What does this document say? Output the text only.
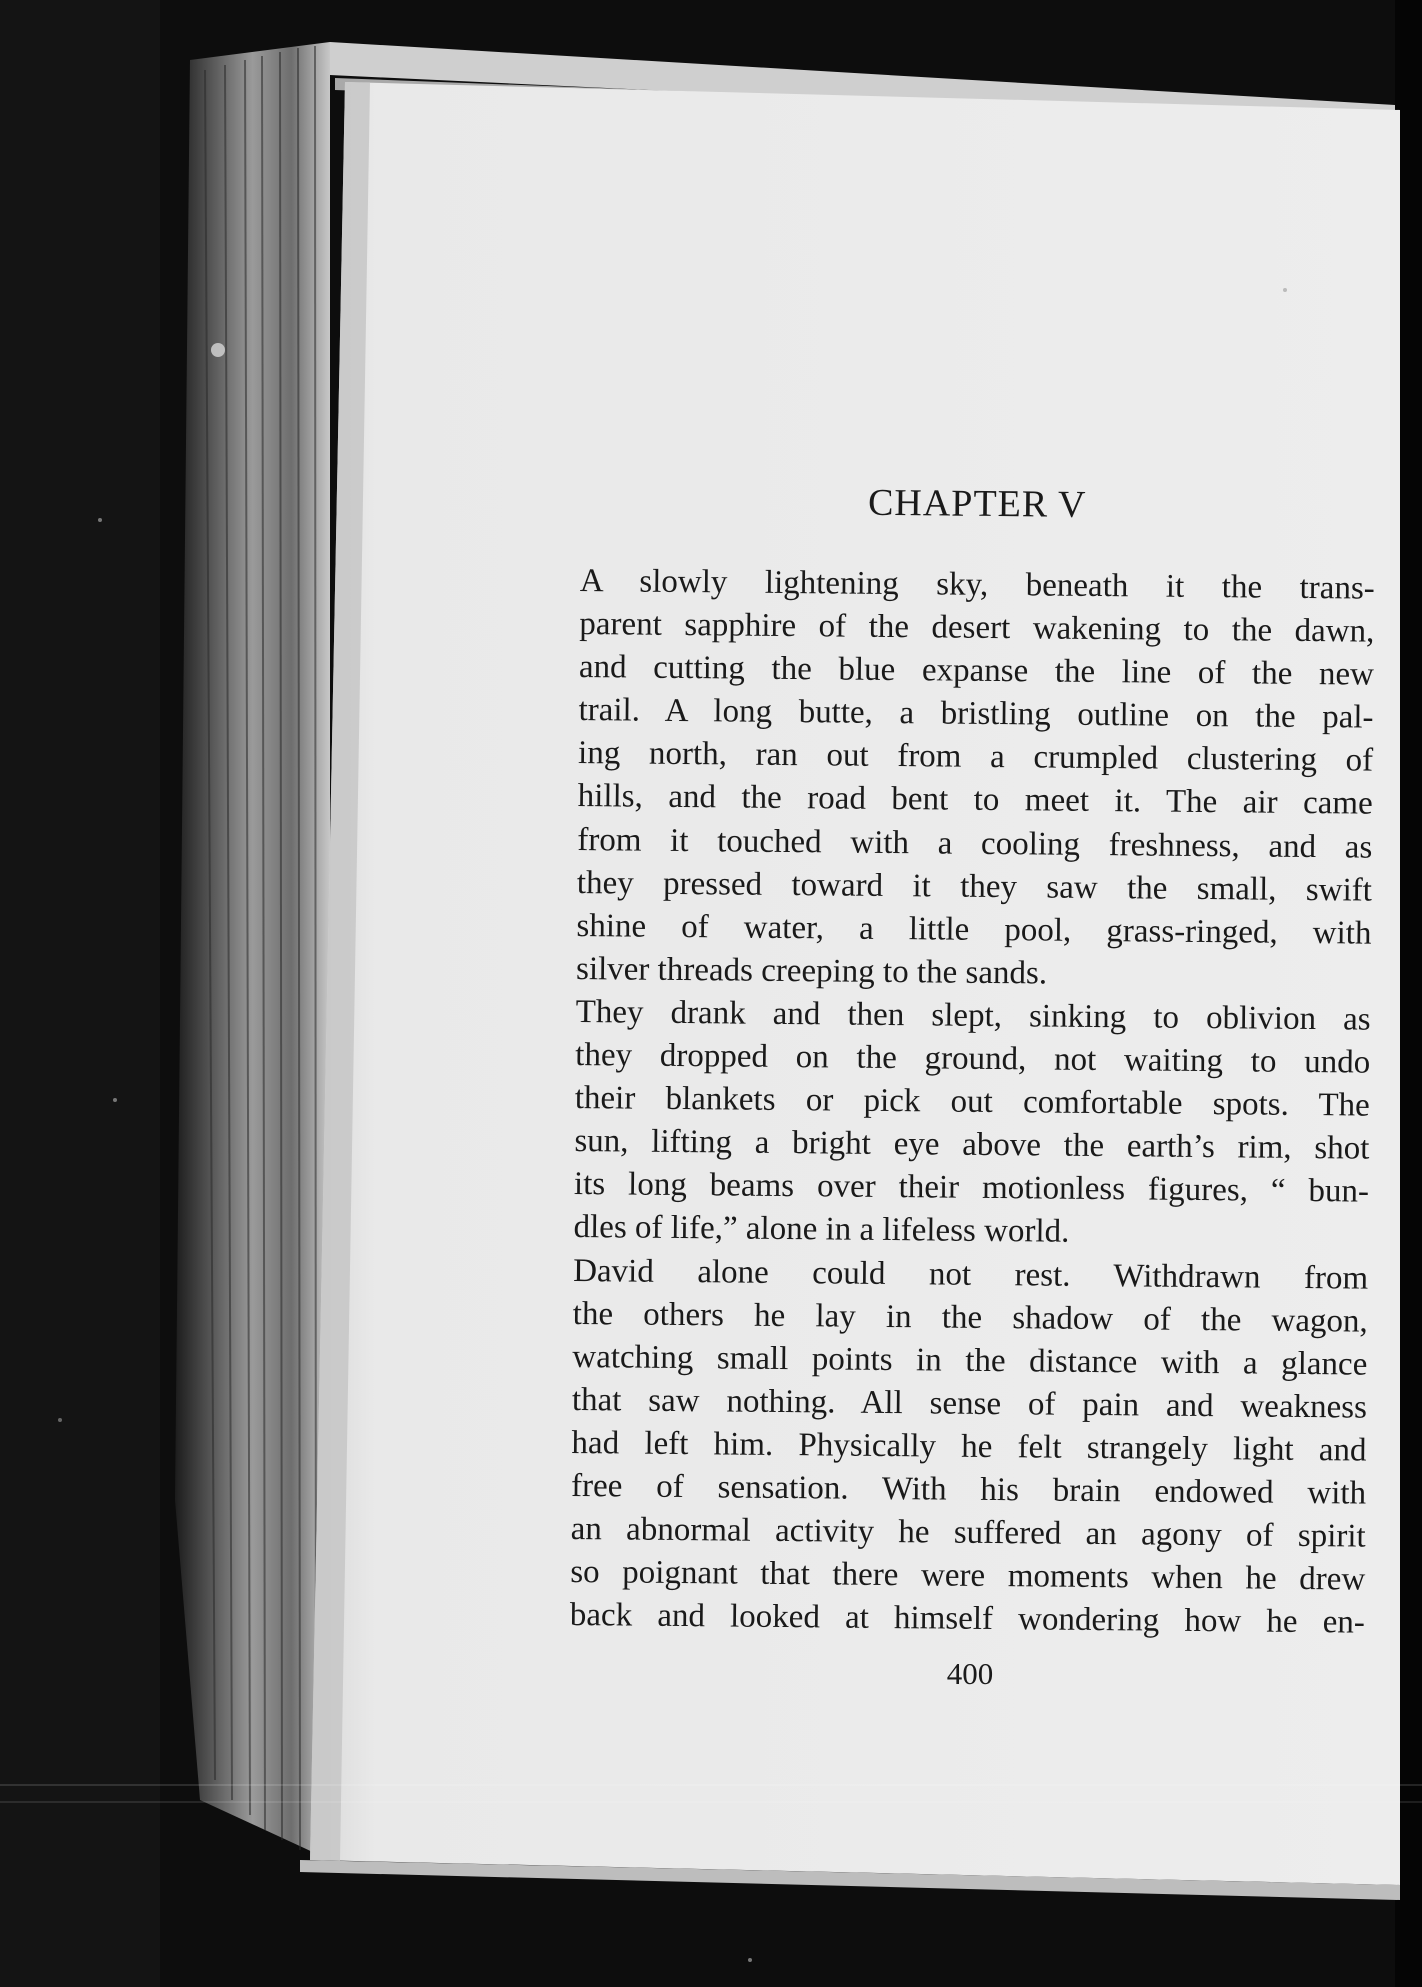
CHAPTER V

A slowly lightening sky, beneath it the trans-
parent sapphire of the desert wakening to the dawn,
and cutting the blue expanse the line of the new
trail. A long butte, a bristling outline on the pal-
ing north, ran out from a crumpled clustering of
hills, and the road bent to meet it. The air came
from it touched with a cooling freshness, and as
they pressed toward it they saw the small, swift
shine of water, a little pool, grass-ringed, with
silver threads creeping to the sands.

They drank and then slept, sinking to oblivion as
they dropped on the ground, not waiting to undo
their blankets or pick out comfortable spots. The
sun, lifting a bright eye above the earth’s rim, shot
its long beams over their motionless figures, “ bun-
dles of life,” alone in a lifeless world.

David alone could not rest. Withdrawn from
the others he lay in the shadow of the wagon,
watching small points in the distance with a glance
that saw nothing. All sense of pain and weakness
had left him. Physically he felt strangely light and
free of sensation. With his brain endowed with
an abnormal activity he suffered an agony of spirit
so poignant that there were moments when he drew
back and looked at himself wondering how he en-

400
